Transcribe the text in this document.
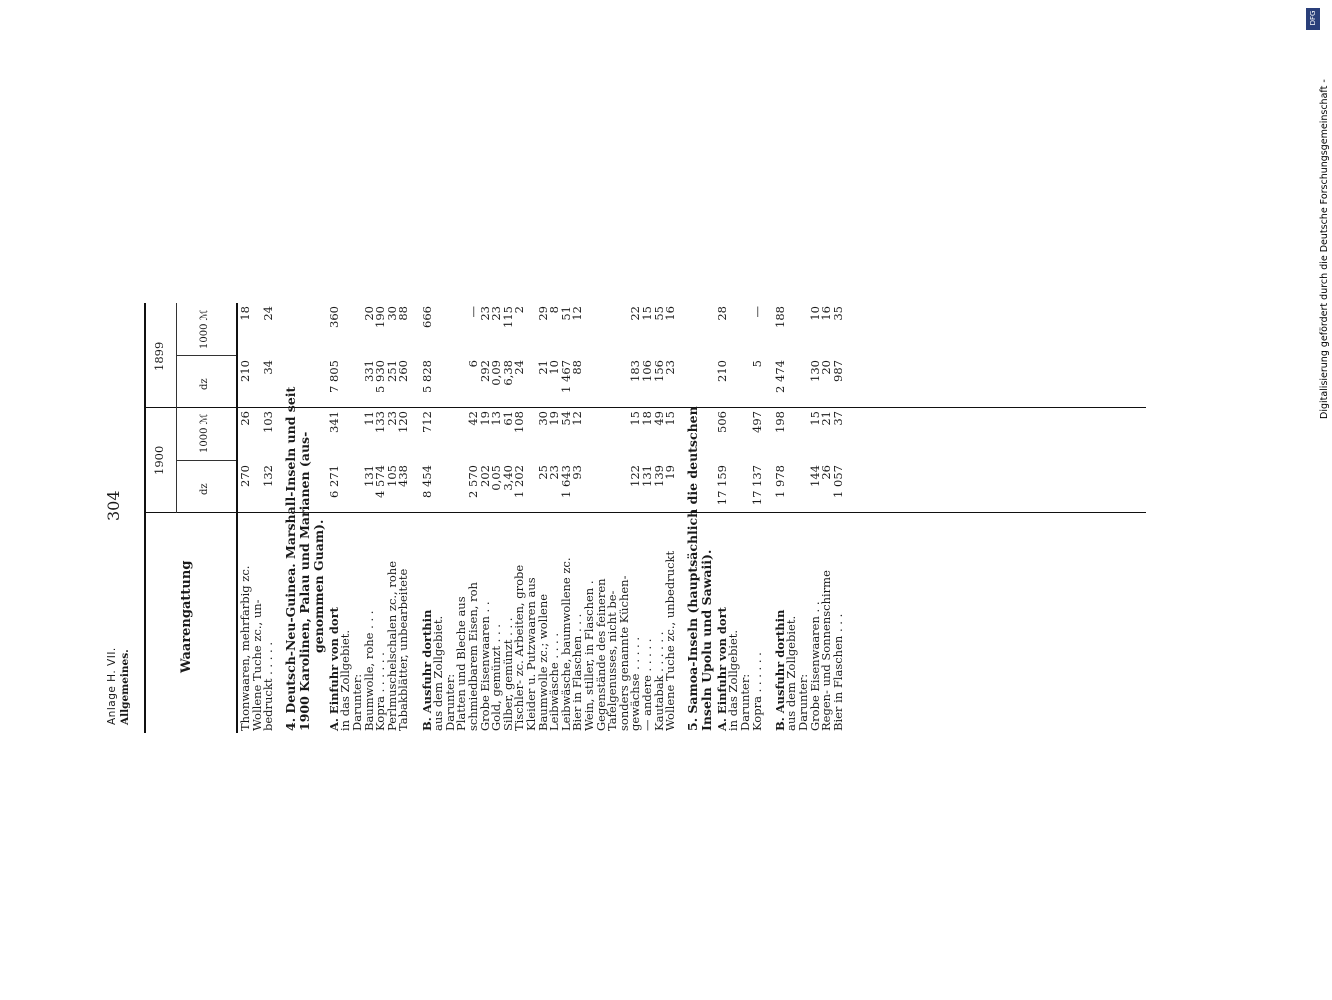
Anlage H. VII. Allgemeines.
304
Waarengattung
1900
1899
dz
1000 ℳ
dz
1000 ℳ
Thonwaaren, mehrfarbig zc.
270
26
210
18
Wollene Tuche zc., un-
bedruckt . . . . .
132
103
34
24
4. Deutsch-Neu-Guinea. Marshall-Inseln und seit 1900 Karolinen, Palau und Marianen (aus- genommen Guam).
A. Einfuhr von dort
6 271
341
7 805
360
in das Zollgebiet.
Darunter:
Baumwolle, rohe . . .
131
11
331
20
Kopra . . . . . .
4 574
133
5 930
190
Perlmuschelschalen zc., rohe
105
23
251
30
Tabakblätter, unbearbeitete
438
120
260
88
B. Ausfuhr dorthin
8 454
712
5 828
666
aus dem Zollgebiet.
Darunter:
Platten und Bleche aus
schmiedbarem Eisen, roh
2 570
42
6
—
Grobe Eisenwaaren . .
202
19
292
23
Gold, gemünzt . . .
0,05
13
0,09
23
Silber, gemünzt . . .
3,40
61
6,38
115
Tischler- zc. Arbeiten, grobe
1 202
108
24
2
Kleider u. Putzwaaren aus
Baumwolle zc.; wollene
25
30
21
29
Leibwäsche . . . .
23
19
10
8
Leibwäsche, baumwollene zc.
1 643
54
1 467
51
Bier in Flaschen . . .
93
12
88
12
Wein, stiller, in Flaschen .
Gegenstände des feineren
Tafelgenusses, nicht be-
sonders genannte Küchen-
gewächse . . . . .
122
15
183
22
— andere . . . . .
131
18
106
15
Kautabak . . . . . .
139
49
156
55
Wollene Tuche zc., unbedruckt
19
15
23
16
5. Samoa-Inseln (hauptsächlich die deutschen Inseln Upolu und Sawaii). A. Einfuhr von dort
17 159
506
210
28
in das Zollgebiet.
Darunter:
Kopra . . . . . .
17 137
497
5
—
B. Ausfuhr dorthin
1 978
198
2 474
188
aus dem Zollgebiet.
Darunter:
Grobe Eisenwaaren . .
144
15
130
10
Regen- und Sonnenschirme
26
21
20
16
Bier in Flaschen . . .
1 057
37
987
35
DFG
Digitalisierung gefördert durch die Deutsche Forschungsgemeinschaft -
